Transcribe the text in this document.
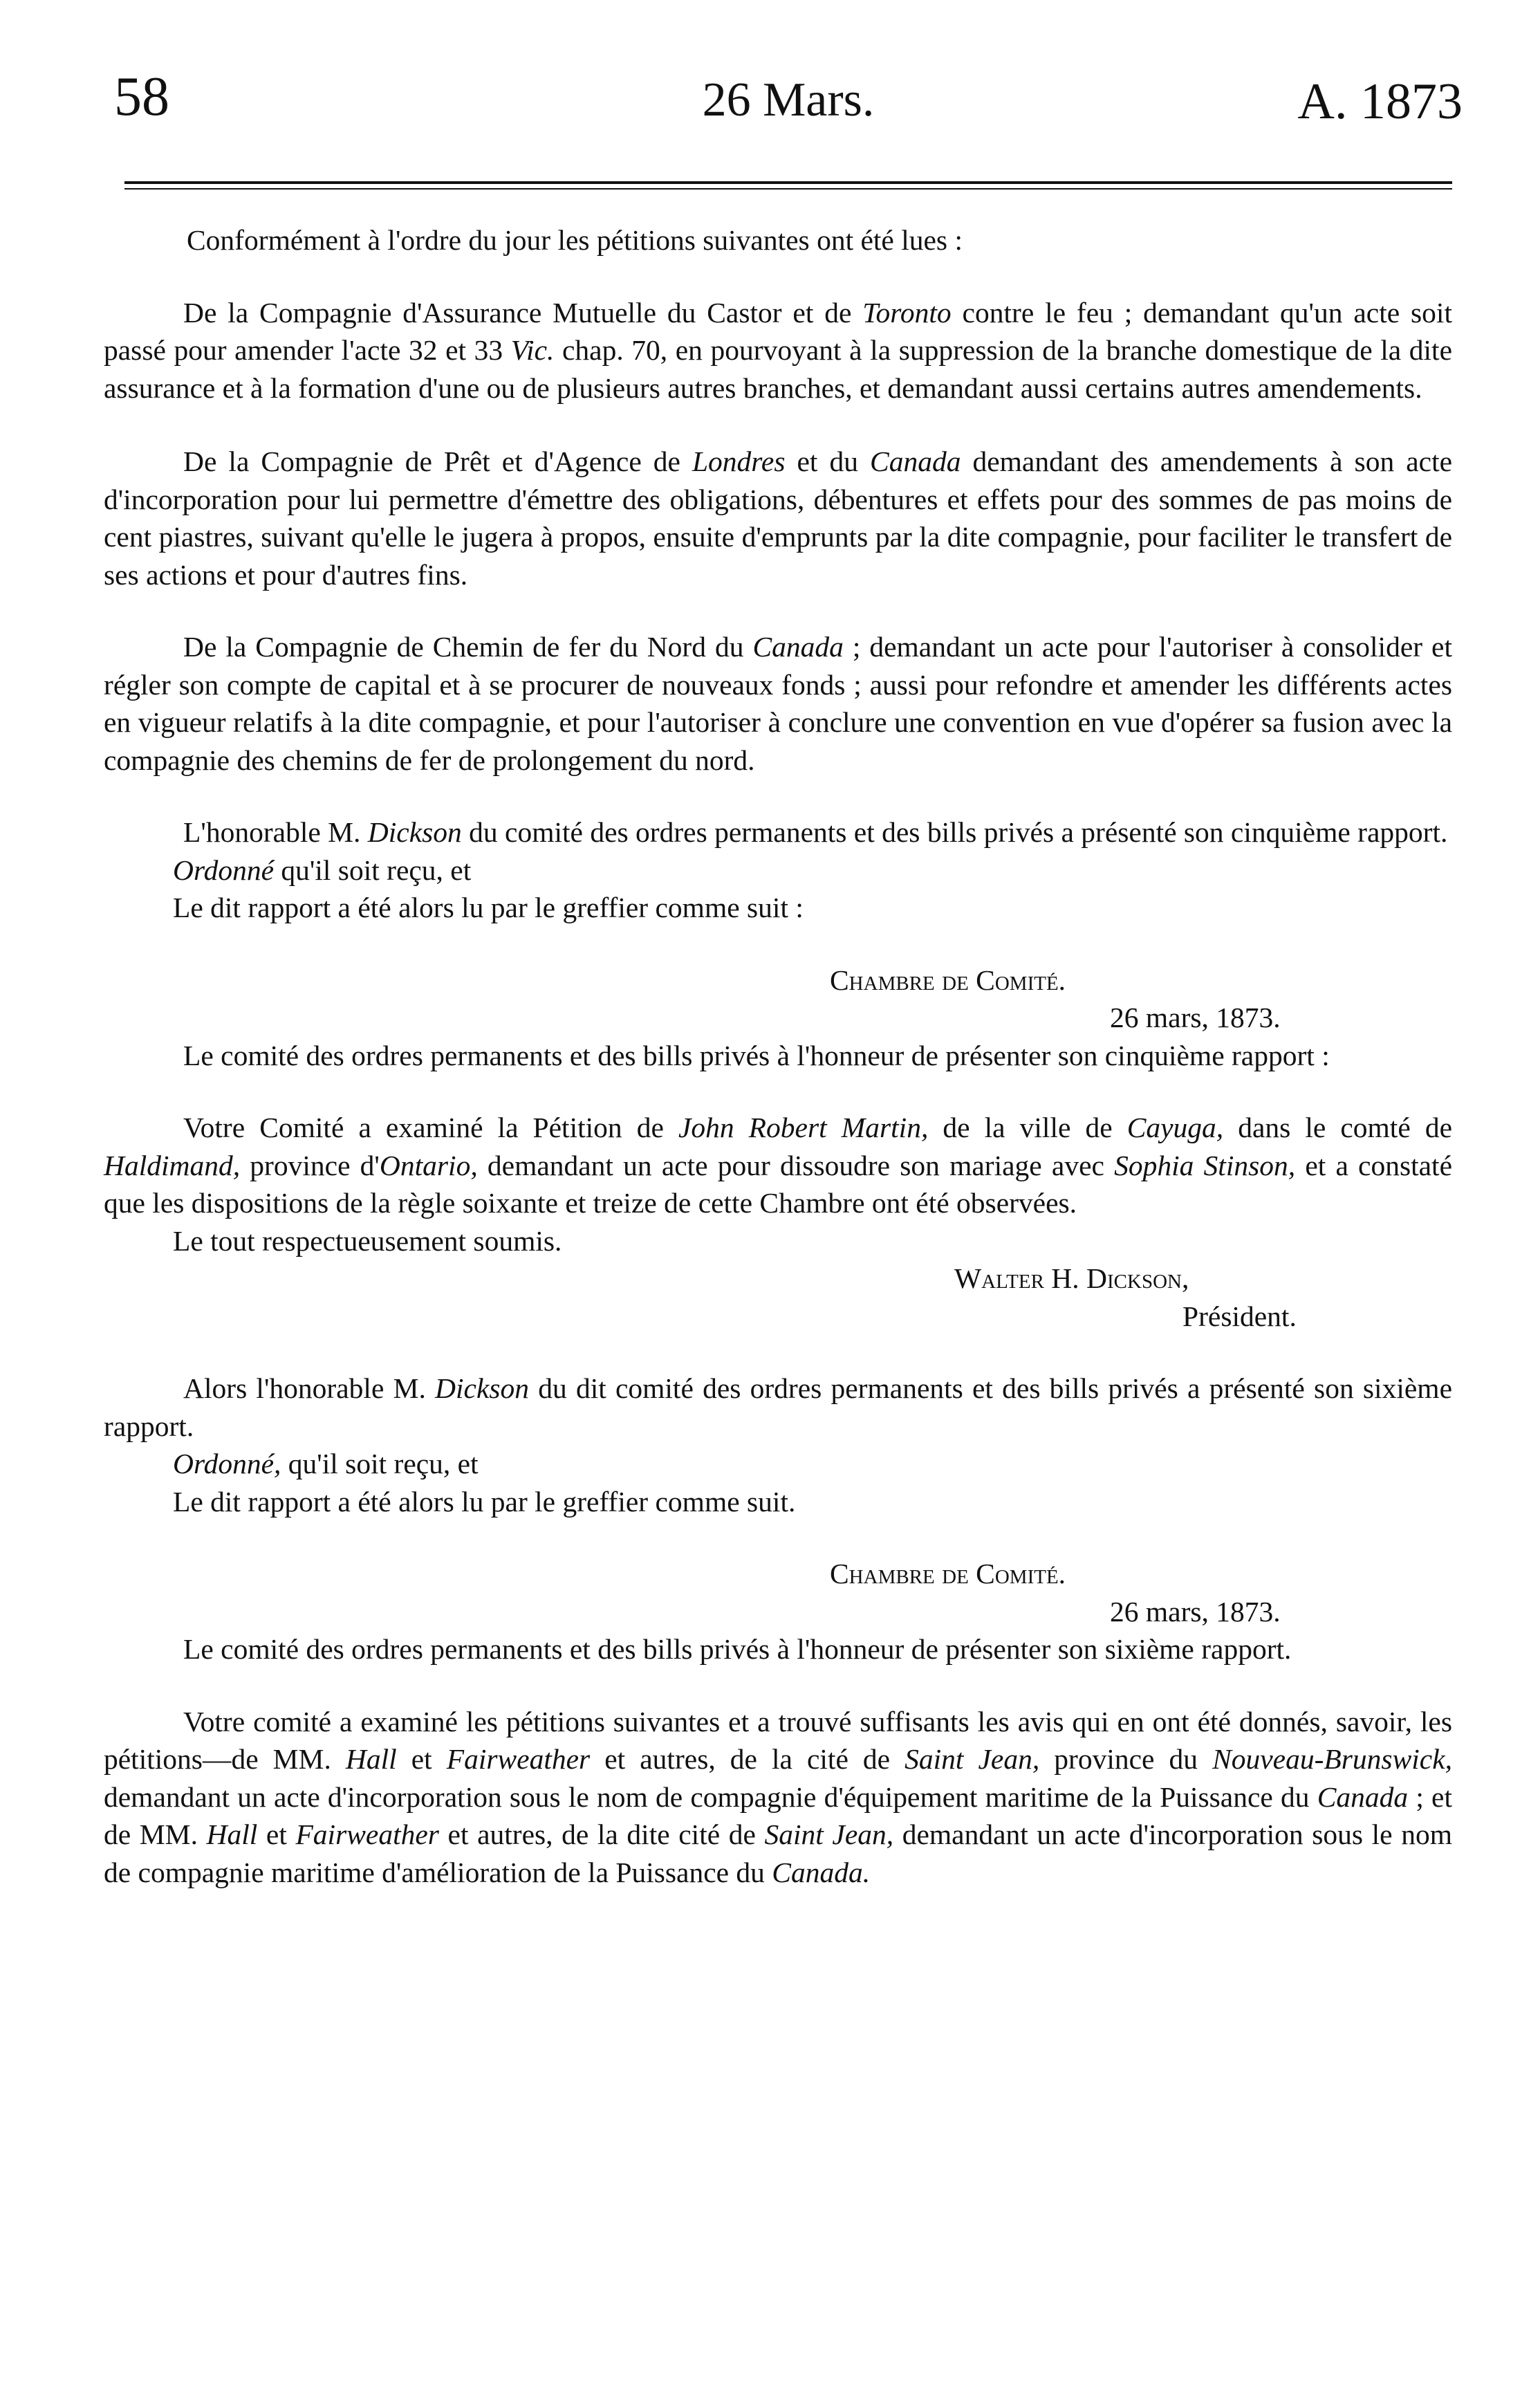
58	26 Mars.	A. 1873

Conformément à l'ordre du jour les pétitions suivantes ont été lues :

De la Compagnie d'Assurance Mutuelle du Castor et de Toronto contre le feu ; demandant qu'un acte soit passé pour amender l'acte 32 et 33 Vic. chap. 70, en pourvoyant à la suppression de la branche domestique de la dite assurance et à la formation d'une ou de plusieurs autres branches, et demandant aussi certains autres amendements.

De la Compagnie de Prêt et d'Agence de Londres et du Canada demandant des amendements à son acte d'incorporation pour lui permettre d'émettre des obligations, débentures et effets pour des sommes de pas moins de cent piastres, suivant qu'elle le jugera à propos, ensuite d'emprunts par la dite compagnie, pour faciliter le transfert de ses actions et pour d'autres fins.

De la Compagnie de Chemin de fer du Nord du Canada ; demandant un acte pour l'autoriser à consolider et régler son compte de capital et à se procurer de nouveaux fonds ; aussi pour refondre et amender les différents actes en vigueur relatifs à la dite compagnie, et pour l'autoriser à conclure une convention en vue d'opérer sa fusion avec la compagnie des chemins de fer de prolongement du nord.

L'honorable M. Dickson du comité des ordres permanents et des bills privés a présenté son cinquième rapport.

Ordonné qu'il soit reçu, et

Le dit rapport a été alors lu par le greffier comme suit :

Chambre de Comité.

26 mars, 1873.

Le comité des ordres permanents et des bills privés à l'honneur de présenter son cinquième rapport :

Votre Comité a examiné la Pétition de John Robert Martin, de la ville de Cayuga, dans le comté de Haldimand, province d'Ontario, demandant un acte pour dissoudre son mariage avec Sophia Stinson, et a constaté que les dispositions de la règle soixante et treize de cette Chambre ont été observées.

Le tout respectueusement soumis.

Walter H. Dickson,

Président.

Alors l'honorable M. Dickson du dit comité des ordres permanents et des bills privés a présenté son sixième rapport.

Ordonné, qu'il soit reçu, et

Le dit rapport a été alors lu par le greffier comme suit.

Chambre de Comité.

26 mars, 1873.

Le comité des ordres permanents et des bills privés à l'honneur de présenter son sixième rapport.

Votre comité a examiné les pétitions suivantes et a trouvé suffisants les avis qui en ont été donnés, savoir, les pétitions—de MM. Hall et Fairweather et autres, de la cité de Saint Jean, province du Nouveau-Brunswick, demandant un acte d'incorporation sous le nom de compagnie d'équipement maritime de la Puissance du Canada ; et de MM. Hall et Fairweather et autres, de la dite cité de Saint Jean, demandant un acte d'incorporation sous le nom de compagnie maritime d'amélioration de la Puissance du Canada.
